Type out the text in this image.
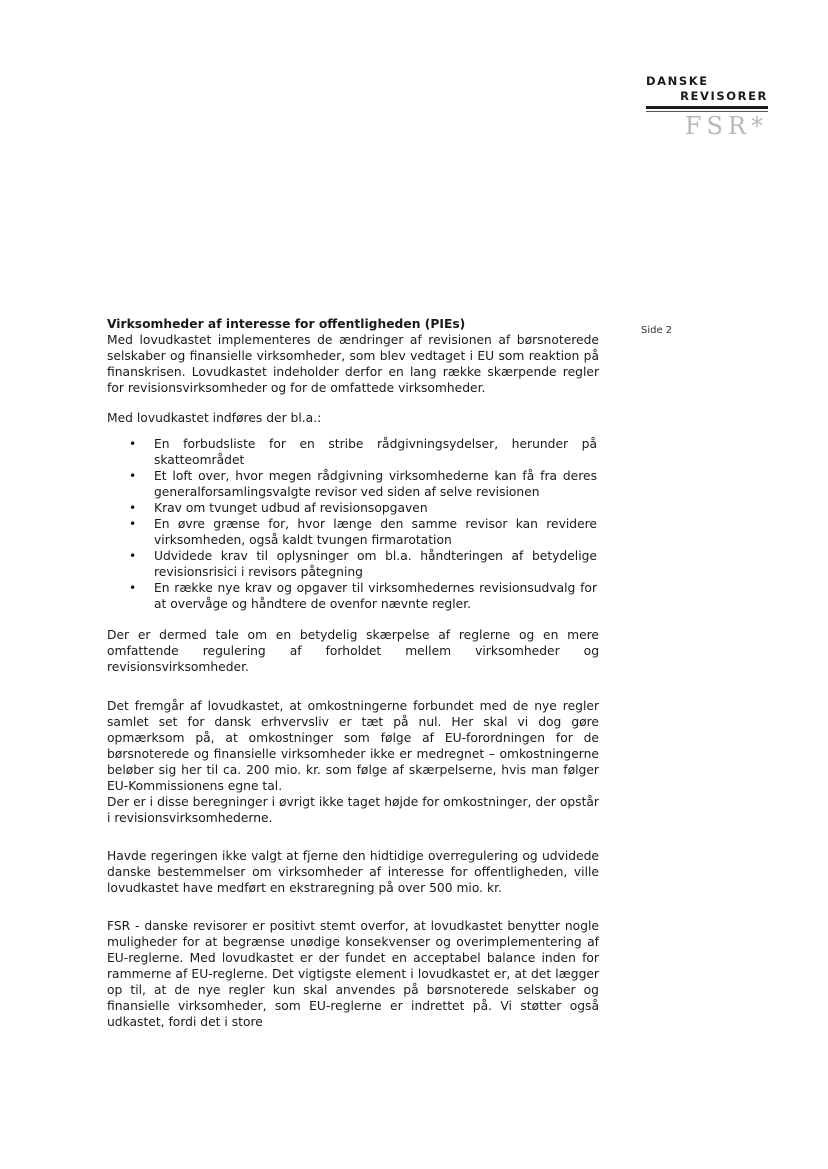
DANSKE
REVISORER
FSR*
Side 2

Virksomheder af interesse for offentligheden (PIEs)

Med lovudkastet implementeres de ændringer af revisionen af børsnoterede selskaber og finansielle virksomheder, som blev vedtaget i EU som reaktion på finanskrisen. Lovudkastet indeholder derfor en lang række skærpende regler for revisionsvirksomheder og for de omfattede virksomheder.

Med lovudkastet indføres der bl.a.:

• En forbudsliste for en stribe rådgivningsydelser, herunder på skatteområdet
• Et loft over, hvor megen rådgivning virksomhederne kan få fra deres generalforsamlingsvalgte revisor ved siden af selve revisionen
• Krav om tvunget udbud af revisionsopgaven
• En øvre grænse for, hvor længe den samme revisor kan revidere virksomheden, også kaldt tvungen firmarotation
• Udvidede krav til oplysninger om bl.a. håndteringen af betydelige revisionsrisici i revisors påtegning
• En række nye krav og opgaver til virksomhedernes revisionsudvalg for at overvåge og håndtere de ovenfor nævnte regler.

Der er dermed tale om en betydelig skærpelse af reglerne og en mere omfattende regulering af forholdet mellem virksomheder og revisionsvirksomheder.

Det fremgår af lovudkastet, at omkostningerne forbundet med de nye regler samlet set for dansk erhvervsliv er tæt på nul. Her skal vi dog gøre opmærksom på, at omkostninger som følge af EU-forordningen for de børsnoterede og finansielle virksomheder ikke er medregnet – omkostningerne beløber sig her til ca. 200 mio. kr. som følge af skærpelserne, hvis man følger EU-Kommissionens egne tal.

Der er i disse beregninger i øvrigt ikke taget højde for omkostninger, der opstår i revisionsvirksomhederne.

Havde regeringen ikke valgt at fjerne den hidtidige overregulering og udvidede danske bestemmelser om virksomheder af interesse for offentligheden, ville lovudkastet have medført en ekstraregning på over 500 mio. kr.

FSR - danske revisorer er positivt stemt overfor, at lovudkastet benytter nogle muligheder for at begrænse unødige konsekvenser og overimplementering af EU-reglerne. Med lovudkastet er der fundet en acceptabel balance inden for rammerne af EU-reglerne. Det vigtigste element i lovudkastet er, at det lægger op til, at de nye regler kun skal anvendes på børsnoterede selskaber og finansielle virksomheder, som EU-reglerne er indrettet på. Vi støtter også udkastet, fordi det i store
